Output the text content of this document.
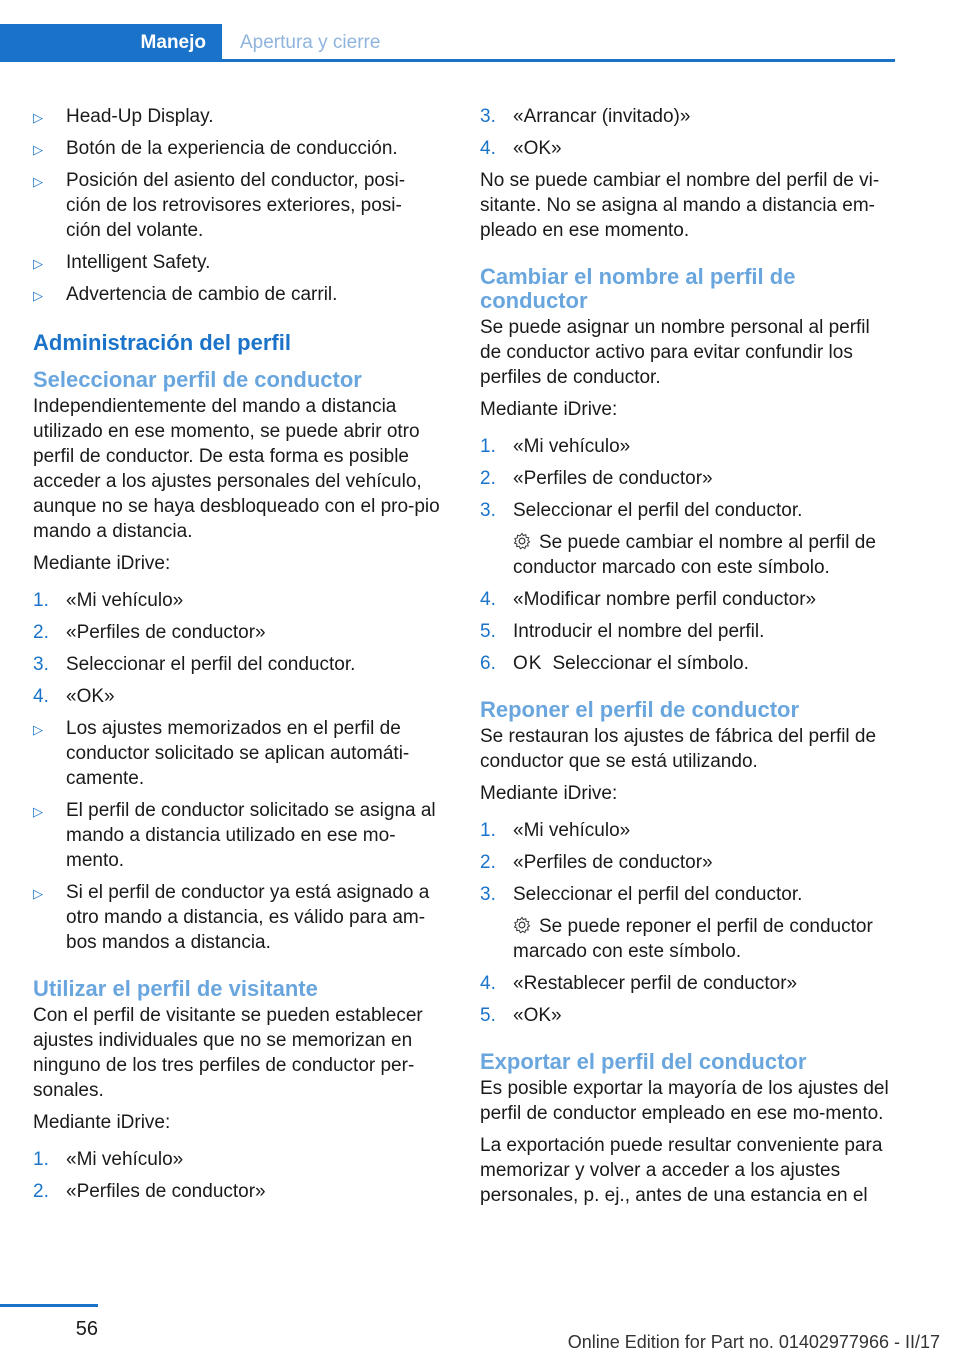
Manejo	Apertura y cierre
▷ Head-Up Display.
▷ Botón de la experiencia de conducción.
▷ Posición del asiento del conductor, posi-
ción de los retrovisores exteriores, posi-
ción del volante.
▷ Intelligent Safety.
▷ Advertencia de cambio de carril.
Administración del perfil
Seleccionar perfil de conductor

Independientemente del mando a distancia utilizado en ese momento, se puede abrir otro perfil de conductor. De esta forma es posible acceder a los ajustes personales del vehículo, aunque no se haya desbloqueado con el pro-pio mando a distancia.

Mediante iDrive:

1. «Mi vehículo»
2. «Perfiles de conductor»
3. Seleccionar el perfil del conductor.
4. «OK»
▷ Los ajustes memorizados en el perfil de conductor solicitado se aplican automáti-camente.
▷ El perfil de conductor solicitado se asigna al mando a distancia utilizado en ese mo-mento.
▷ Si el perfil de conductor ya está asignado a otro mando a distancia, es válido para am-bos mandos a distancia.
Utilizar el perfil de visitante

Con el perfil de visitante se pueden establecer ajustes individuales que no se memorizan en ninguno de los tres perfiles de conductor per-sonales.

Mediante iDrive:

1. «Mi vehículo»
2. «Perfiles de conductor»
3. «Arrancar (invitado)»
4. «OK»

No se puede cambiar el nombre del perfil de vi-sitante. No se asigna al mando a distancia em-pleado en ese momento.

Cambiar el nombre al perfil de conductor

Se puede asignar un nombre personal al perfil de conductor activo para evitar confundir los perfiles de conductor.

Mediante iDrive:

1. «Mi vehículo»
2. «Perfiles de conductor»
3. Seleccionar el perfil del conductor.
Se puede cambiar el nombre al perfil de conductor marcado con este símbolo.
4. «Modificar nombre perfil conductor»
5. Introducir el nombre del perfil.
6. OK Seleccionar el símbolo.
Reponer el perfil de conductor

Se restauran los ajustes de fábrica del perfil de conductor que se está utilizando.

Mediante iDrive:

1. «Mi vehículo»
2. «Perfiles de conductor»
3. Seleccionar el perfil del conductor.
Se puede reponer el perfil de conductor marcado con este símbolo.
4. «Restablecer perfil de conductor»
5. «OK»
Exportar el perfil del conductor

Es posible exportar la mayoría de los ajustes del perfil de conductor empleado en ese mo-mento.

La exportación puede resultar conveniente para memorizar y volver a acceder a los ajustes personales, p. ej., antes de una estancia en el

56
Online Edition for Part no. 01402977966 - II/17
